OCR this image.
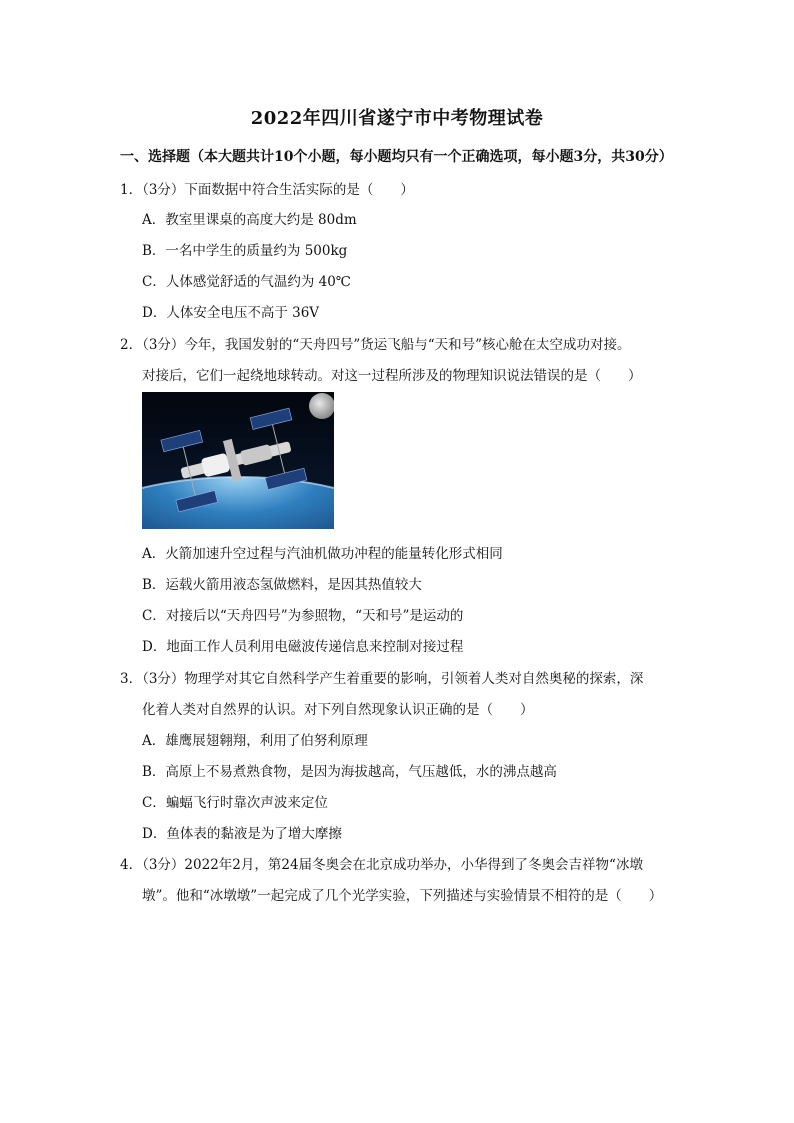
2022年四川省遂宁市中考物理试卷
一、选择题（本大题共计10个小题，每小题均只有一个正确选项，每小题3分，共30分）
1．（3分）下面数据中符合生活实际的是（　　）
A．教室里课桌的高度大约是 80dm
B．一名中学生的质量约为 500kg
C．人体感觉舒适的气温约为 40℃
D．人体安全电压不高于 36V
2．（3分）今年，我国发射的“天舟四号”货运飞船与“天和号”核心舱在太空成功对接。
对接后，它们一起绕地球转动。对这一过程所涉及的物理知识说法错误的是（　　）
A．火箭加速升空过程与汽油机做功冲程的能量转化形式相同
B．运载火箭用液态氢做燃料，是因其热值较大
C．对接后以“天舟四号”为参照物，“天和号”是运动的
D．地面工作人员利用电磁波传递信息来控制对接过程
3．（3分）物理学对其它自然科学产生着重要的影响，引领着人类对自然奥秘的探索，深
化着人类对自然界的认识。对下列自然现象认识正确的是（　　）
A．雄鹰展翅翱翔，利用了伯努利原理
B．高原上不易煮熟食物，是因为海拔越高，气压越低，水的沸点越高
C．蝙蝠飞行时靠次声波来定位
D．鱼体表的黏液是为了增大摩擦
4．（3分）2022年2月，第24届冬奥会在北京成功举办，小华得到了冬奥会吉祥物“冰墩
墩”。他和“冰墩墩”一起完成了几个光学实验，下列描述与实验情景不相符的是（　　）
